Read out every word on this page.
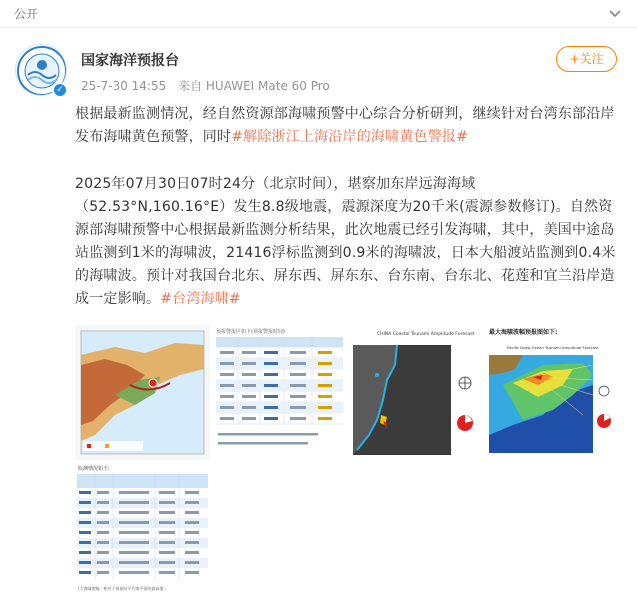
公开
✓
国家海洋预报台
25-7-30 14:55 来自 HUAWEI Mate 60 Pro
+关注
根据最新监测情况，经自然资源部海啸预警中心综合分析研判，继续针对台湾东部沿岸发布海啸黄色预警，同时#解除浙江上海沿岸的海啸黄色警报#
2025年07月30日07时24分（北京时间），堪察加东岸远海海域（52.53°N,160.16°E）发生8.8级地震，震源深度为20千米(震源参数修订)。自然资源部海啸预警中心根据最新监测分析结果，此次地震已经引发海啸，其中，美国中途岛站监测到1米的海啸波，21416浮标监测到0.9米的海啸波，日本大船渡站监测到0.4米的海啸波。预计对我国台北东、屏东西、屏东东、台东南、台东北、花莲和宜兰沿岸造成一定影响。#台湾海啸#
预报警报区如下(预报警报时间)	CHINA Coastal Tsunami Amplitude Forecast 最大海啸波幅预报图如下:
Pacific Deep-Ocean Tsunami Amplitude Forecast
监测情况如下:
(大海啸波幅 - 相对于观测站平均海平面的最高值...
